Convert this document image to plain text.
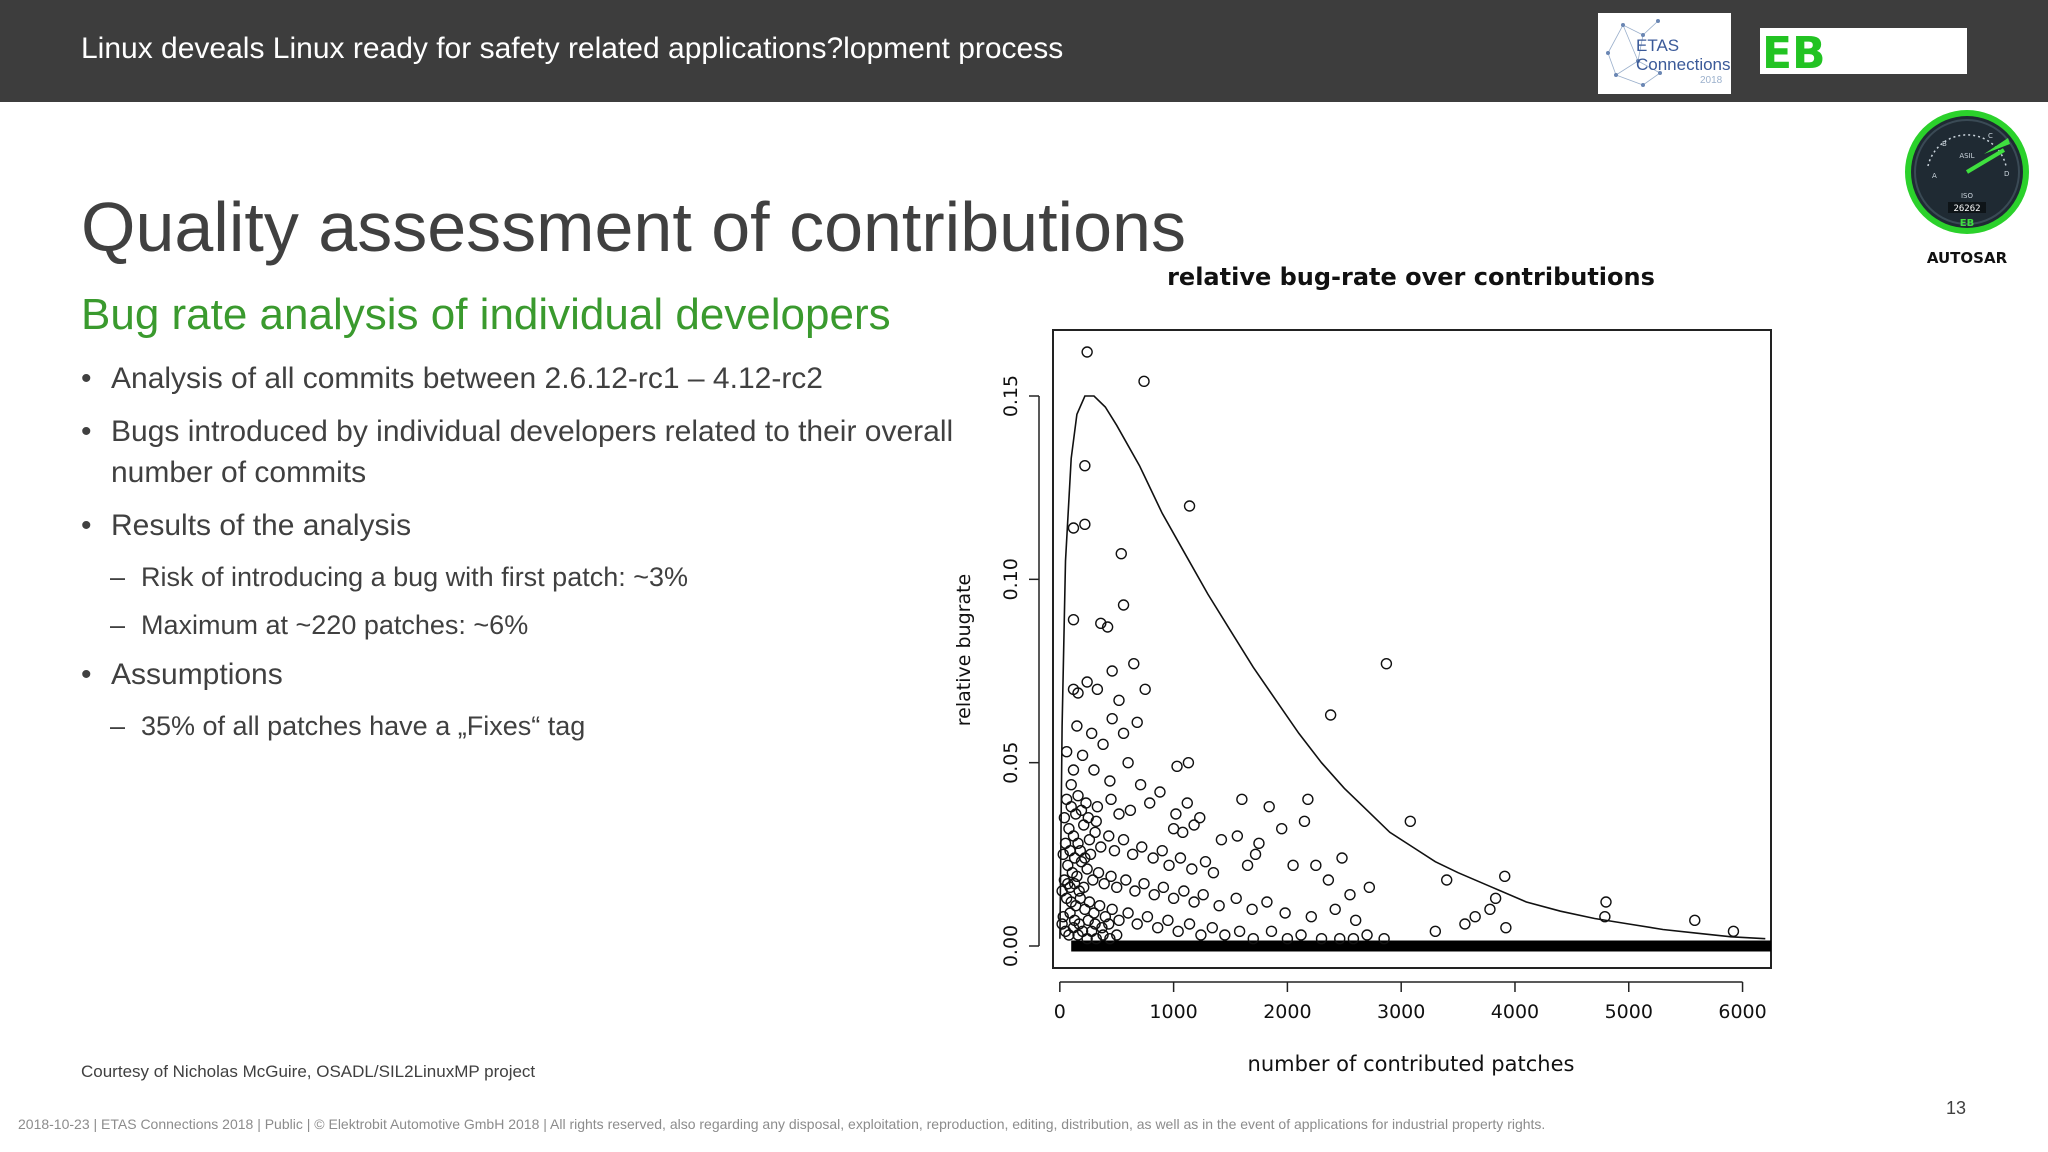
Linux deveals Linux ready for safety related applications?lopment process	ETAS
Connections
2018
EB
A
B
C
D
ASIL
ISO
26262
EB
AUTOSAR
Quality assessment of contributions
Bug rate analysis of individual developers
• Analysis of all commits between 2.6.12-rc1 – 4.12-rc2
• Bugs introduced by individual developers related to their overall number of commits
• Results of the analysis
– Risk of introducing a bug with first patch: ~3%
– Maximum at ~220 patches: ~6%
• Assumptions
– 35% of all patches have a „Fixes“ tag
relative bug-rate over contributions
number of contributed patches
relative bugrate
0	1000	2000	3000	4000	5000	6000
0.00
0.05
0.10
0.15
Courtesy of Nicholas McGuire, OSADL/SIL2LinuxMP project
2018-10-23 | ETAS Connections 2018 | Public | © Elektrobit Automotive GmbH 2018 | All rights reserved, also regarding any disposal, exploitation, reproduction, editing, distribution, as well as in the event of applications for industrial property rights.
13
